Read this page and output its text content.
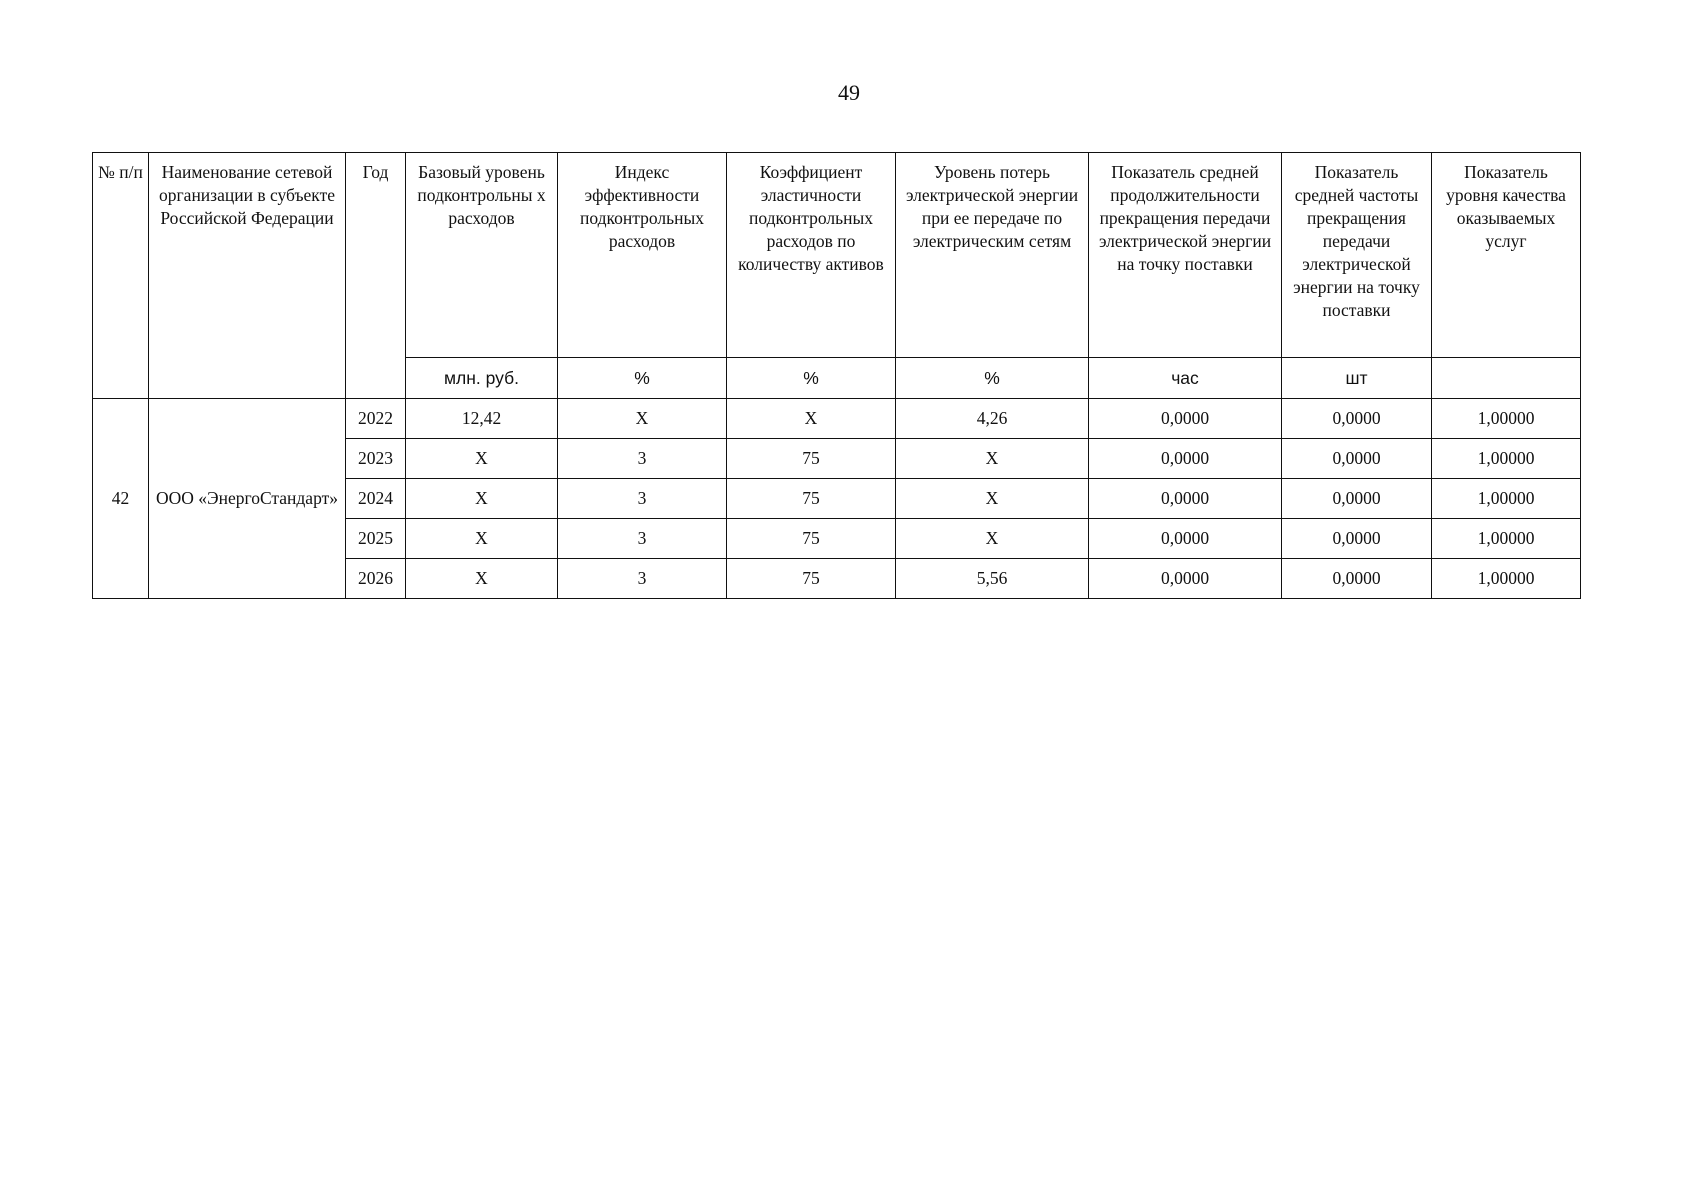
49
№ п/п	Наименование сетевой организации в субъекте Российской Федерации	Год	Базовый уровень подконтрольны х расходов	Индекс эффективности подконтрольных расходов	Коэффициент эластичности подконтрольных расходов по количеству активов	Уровень потерь электрической энергии при ее передаче по электрическим сетям	Показатель средней продолжительности прекращения передачи электрической энергии на точку поставки	Показатель средней частоты прекращения передачи электрической энергии на точку поставки	Показатель уровня качества оказываемых услуг
			млн. руб.	%	%	%	час	шт	
42	ООО «ЭнергоСтандарт»	2022	12,42	Х	Х	4,26	0,0000	0,0000	1,00000
		2023	Х	3	75	Х	0,0000	0,0000	1,00000
		2024	Х	3	75	Х	0,0000	0,0000	1,00000
		2025	Х	3	75	Х	0,0000	0,0000	1,00000
		2026	Х	3	75	5,56	0,0000	0,0000	1,00000
